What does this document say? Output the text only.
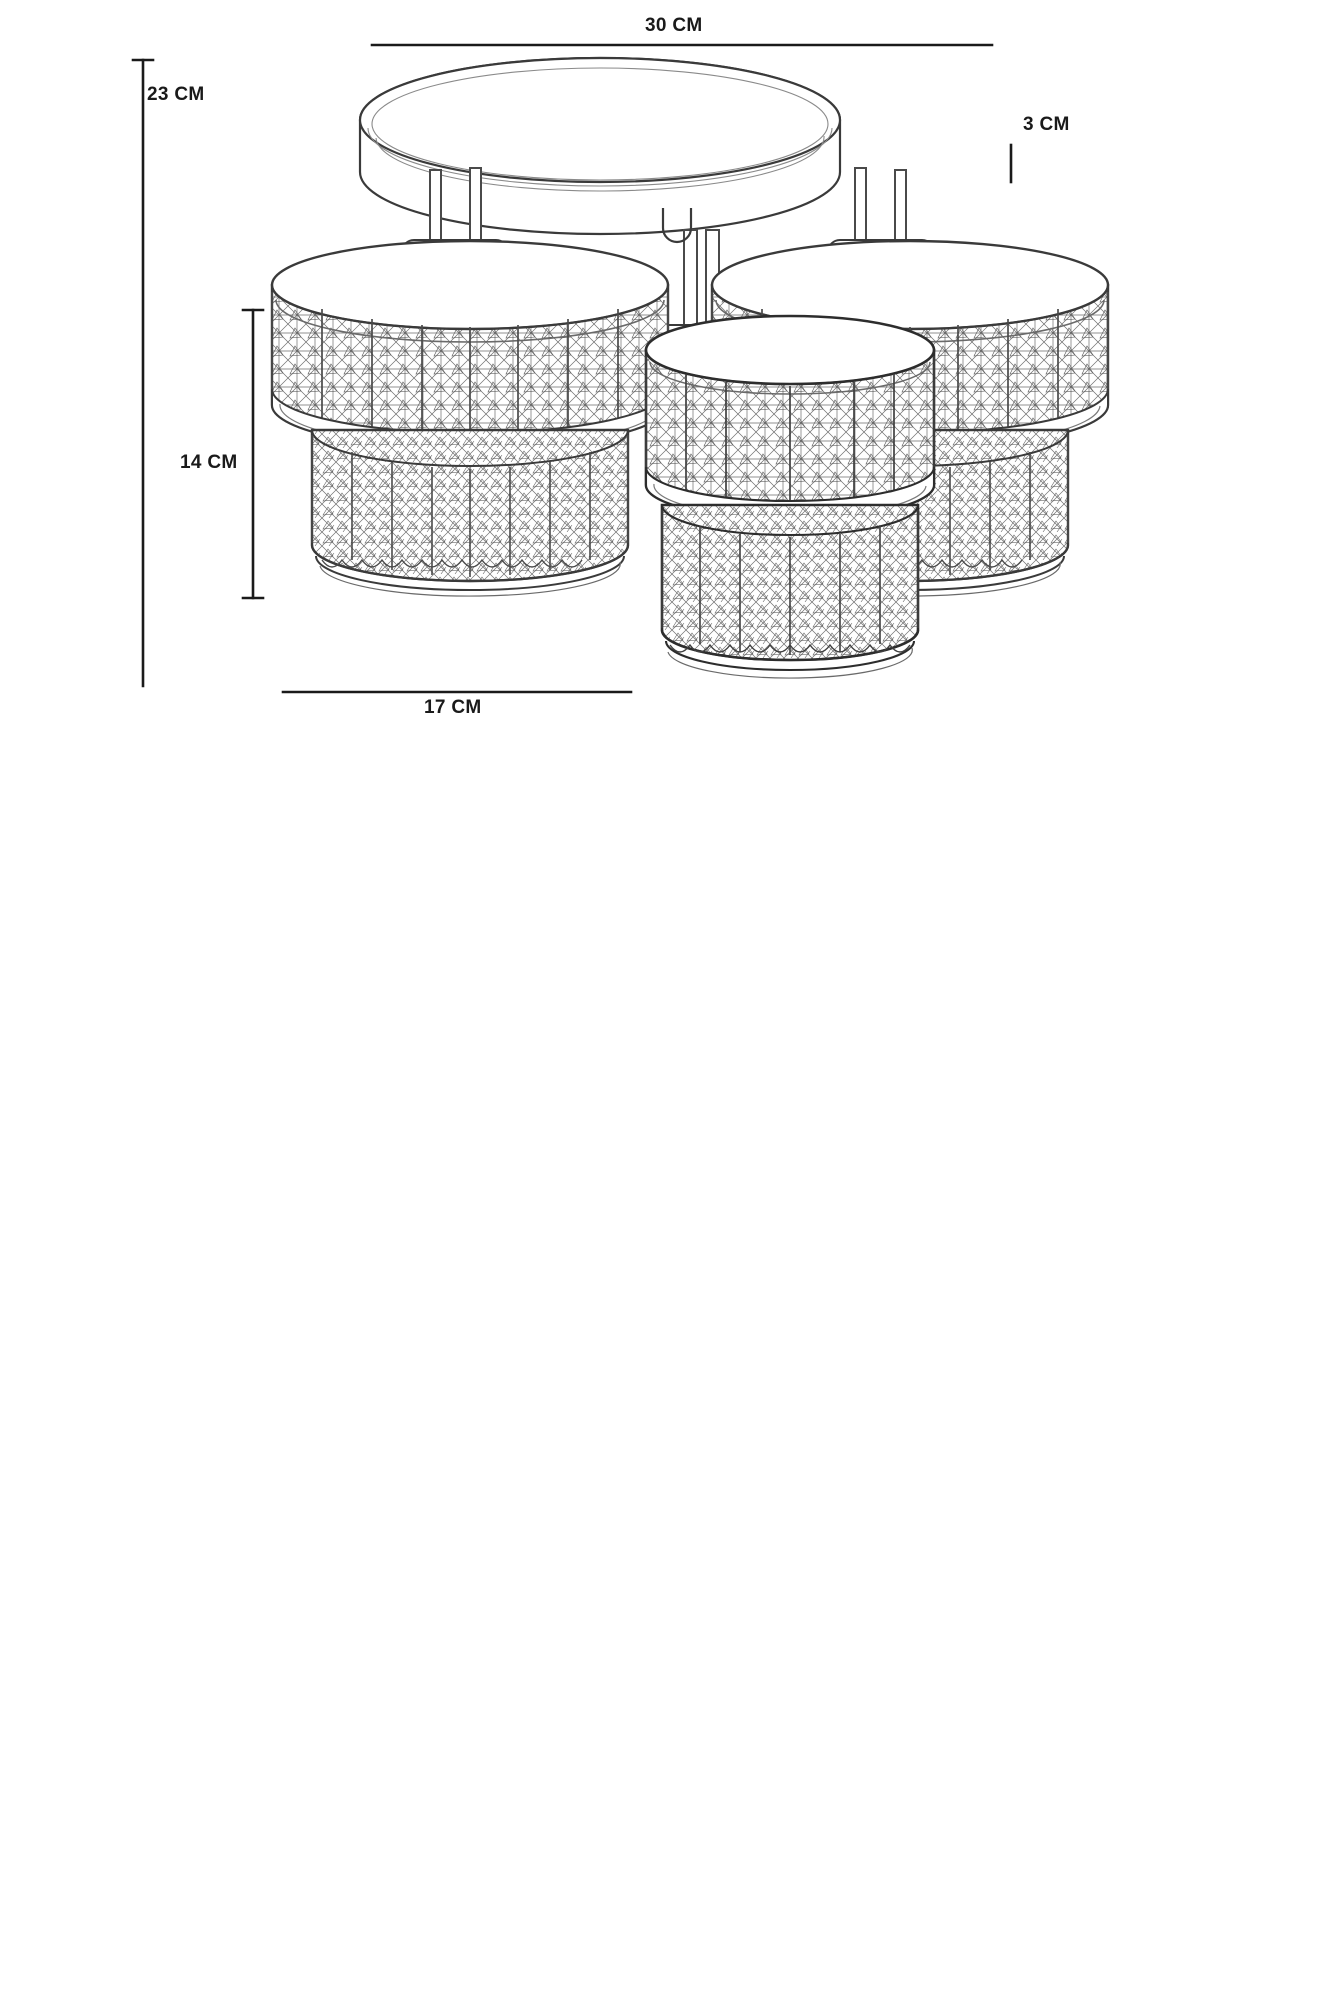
30 CM
23 CM
3 CM
14 CM
17 CM
